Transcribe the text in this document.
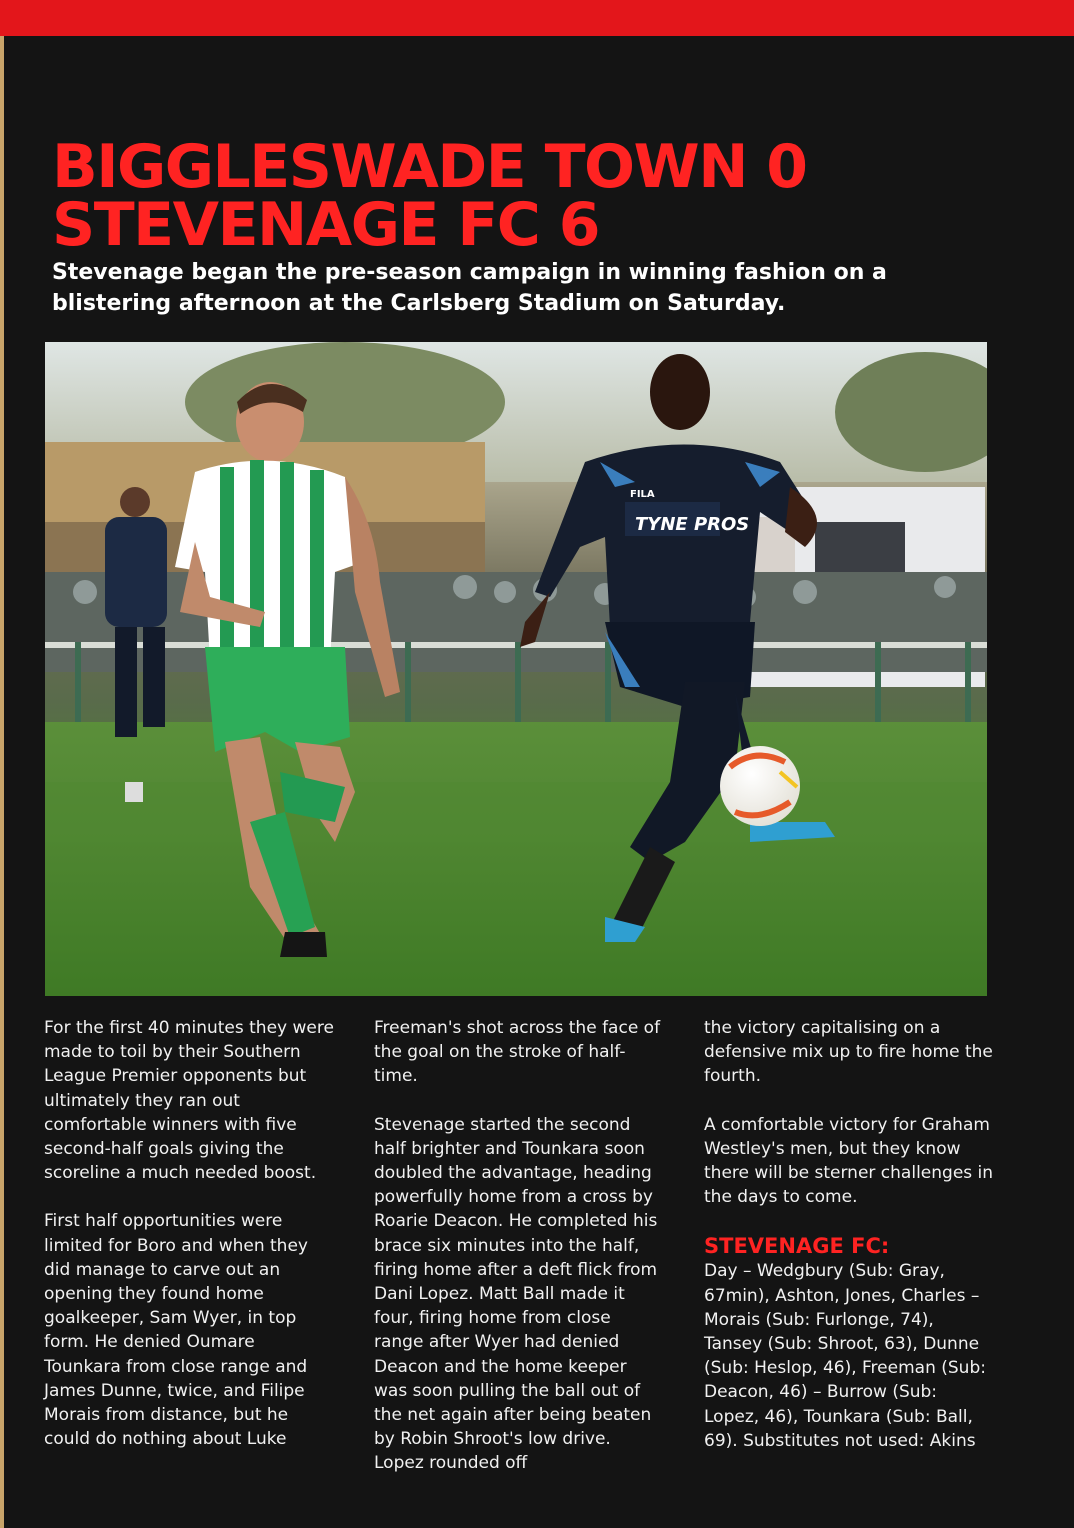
BIGGLESWADE TOWN 0
STEVENAGE FC 6

Stevenage began the pre-season campaign in winning fashion on a blistering afternoon at the Carlsberg Stadium on Saturday.

TYNE PROS
FILA

For the first 40 minutes they were made to toil by their Southern League Premier opponents but ultimately they ran out comfortable winners with five second-half goals giving the scoreline a much needed boost.

First half opportunities were limited for Boro and when they did manage to carve out an opening they found home goalkeeper, Sam Wyer, in top form. He denied Oumare Tounkara from close range and James Dunne, twice, and Filipe Morais from distance, but he could do nothing about Luke

Freeman's shot across the face of the goal on the stroke of half-time.

Stevenage started the second half brighter and Tounkara soon doubled the advantage, heading powerfully home from a cross by Roarie Deacon. He completed his brace six minutes into the half, firing home after a deft flick from Dani Lopez. Matt Ball made it four, firing home from close range after Wyer had denied Deacon and the home keeper was soon pulling the ball out of the net again after being beaten by Robin Shroot's low drive. Lopez rounded off

the victory capitalising on a defensive mix up to fire home the fourth.

A comfortable victory for Graham Westley's men, but they know there will be sterner challenges in the days to come.

STEVENAGE FC:

Day – Wedgbury (Sub: Gray, 67min), Ashton, Jones, Charles – Morais (Sub: Furlonge, 74), Tansey (Sub: Shroot, 63), Dunne (Sub: Heslop, 46), Freeman (Sub: Deacon, 46) – Burrow (Sub: Lopez, 46), Tounkara (Sub: Ball, 69). Substitutes not used: Akins
